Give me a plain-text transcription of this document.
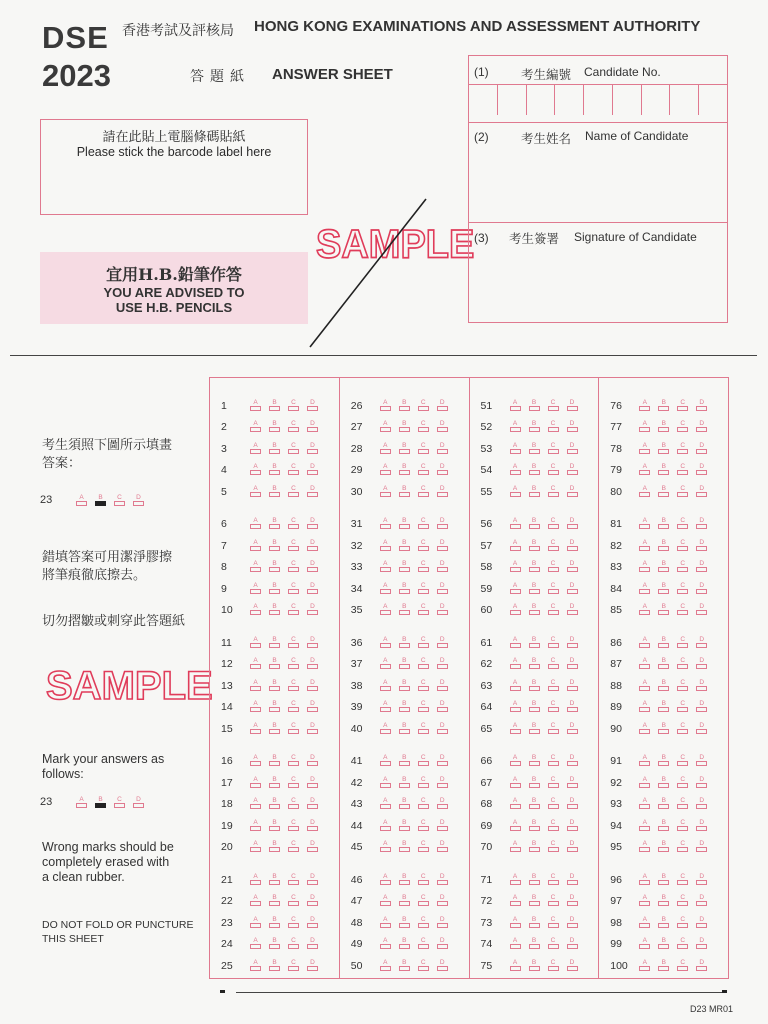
DSE
2023
香港考試及評核局 HONG KONG EXAMINATIONS AND ASSESSMENT AUTHORITY
答題紙 ANSWER SHEET
請在此貼上電腦條碼貼紙
Please stick the barcode label here
宜用H.B.鉛筆作答
YOU ARE ADVISED TO
USE H.B. PENCILS
SAMPLE
SAMPLE
(1)	考生編號 Candidate No.
(2)	考生姓名 Name of Candidate
(3) 考生簽署 Signature of Candidate
考生須照下圖所示填畫
答案：
23	A B C D
錯填答案可用潔淨膠擦
將筆痕徹底擦去。
切勿摺皺或刺穿此答題紙
Mark your answers as
follows:
23	A B C D
Wrong marks should be
completely erased with
a clean rubber.
DO NOT FOLD OR PUNCTURE
THIS SHEET
1	A B C D
2	A B C D
3	A B C D
4	A B C D
5	A B C D
6	A B C D
7	A B C D
8	A B C D
9	A B C D
10	A B C D
11	A B C D
12	A B C D
13	A B C D
14	A B C D
15	A B C D
16	A B C D
17	A B C D
18	A B C D
19	A B C D
20	A B C D
21	A B C D
22	A B C D
23	A B C D
24	A B C D
25	A B C D
26	A B C D
27	A B C D
28	A B C D
29	A B C D
30	A B C D
31	A B C D
32	A B C D
33	A B C D
34	A B C D
35	A B C D
36	A B C D
37	A B C D
38	A B C D
39	A B C D
40	A B C D
41	A B C D
42	A B C D
43	A B C D
44	A B C D
45	A B C D
46	A B C D
47	A B C D
48	A B C D
49	A B C D
50	A B C D
51	A B C D
52	A B C D
53	A B C D
54	A B C D
55	A B C D
56	A B C D
57	A B C D
58	A B C D
59	A B C D
60	A B C D
61	A B C D
62	A B C D
63	A B C D
64	A B C D
65	A B C D
66	A B C D
67	A B C D
68	A B C D
69	A B C D
70	A B C D
71	A B C D
72	A B C D
73	A B C D
74	A B C D
75	A B C D
76	A B C D
77	A B C D
78	A B C D
79	A B C D
80	A B C D
81	A B C D
82	A B C D
83	A B C D
84	A B C D
85	A B C D
86	A B C D
87	A B C D
88	A B C D
89	A B C D
90	A B C D
91	A B C D
92	A B C D
93	A B C D
94	A B C D
95	A B C D
96	A B C D
97	A B C D
98	A B C D
99	A B C D
100	A B C D
D23 MR01
